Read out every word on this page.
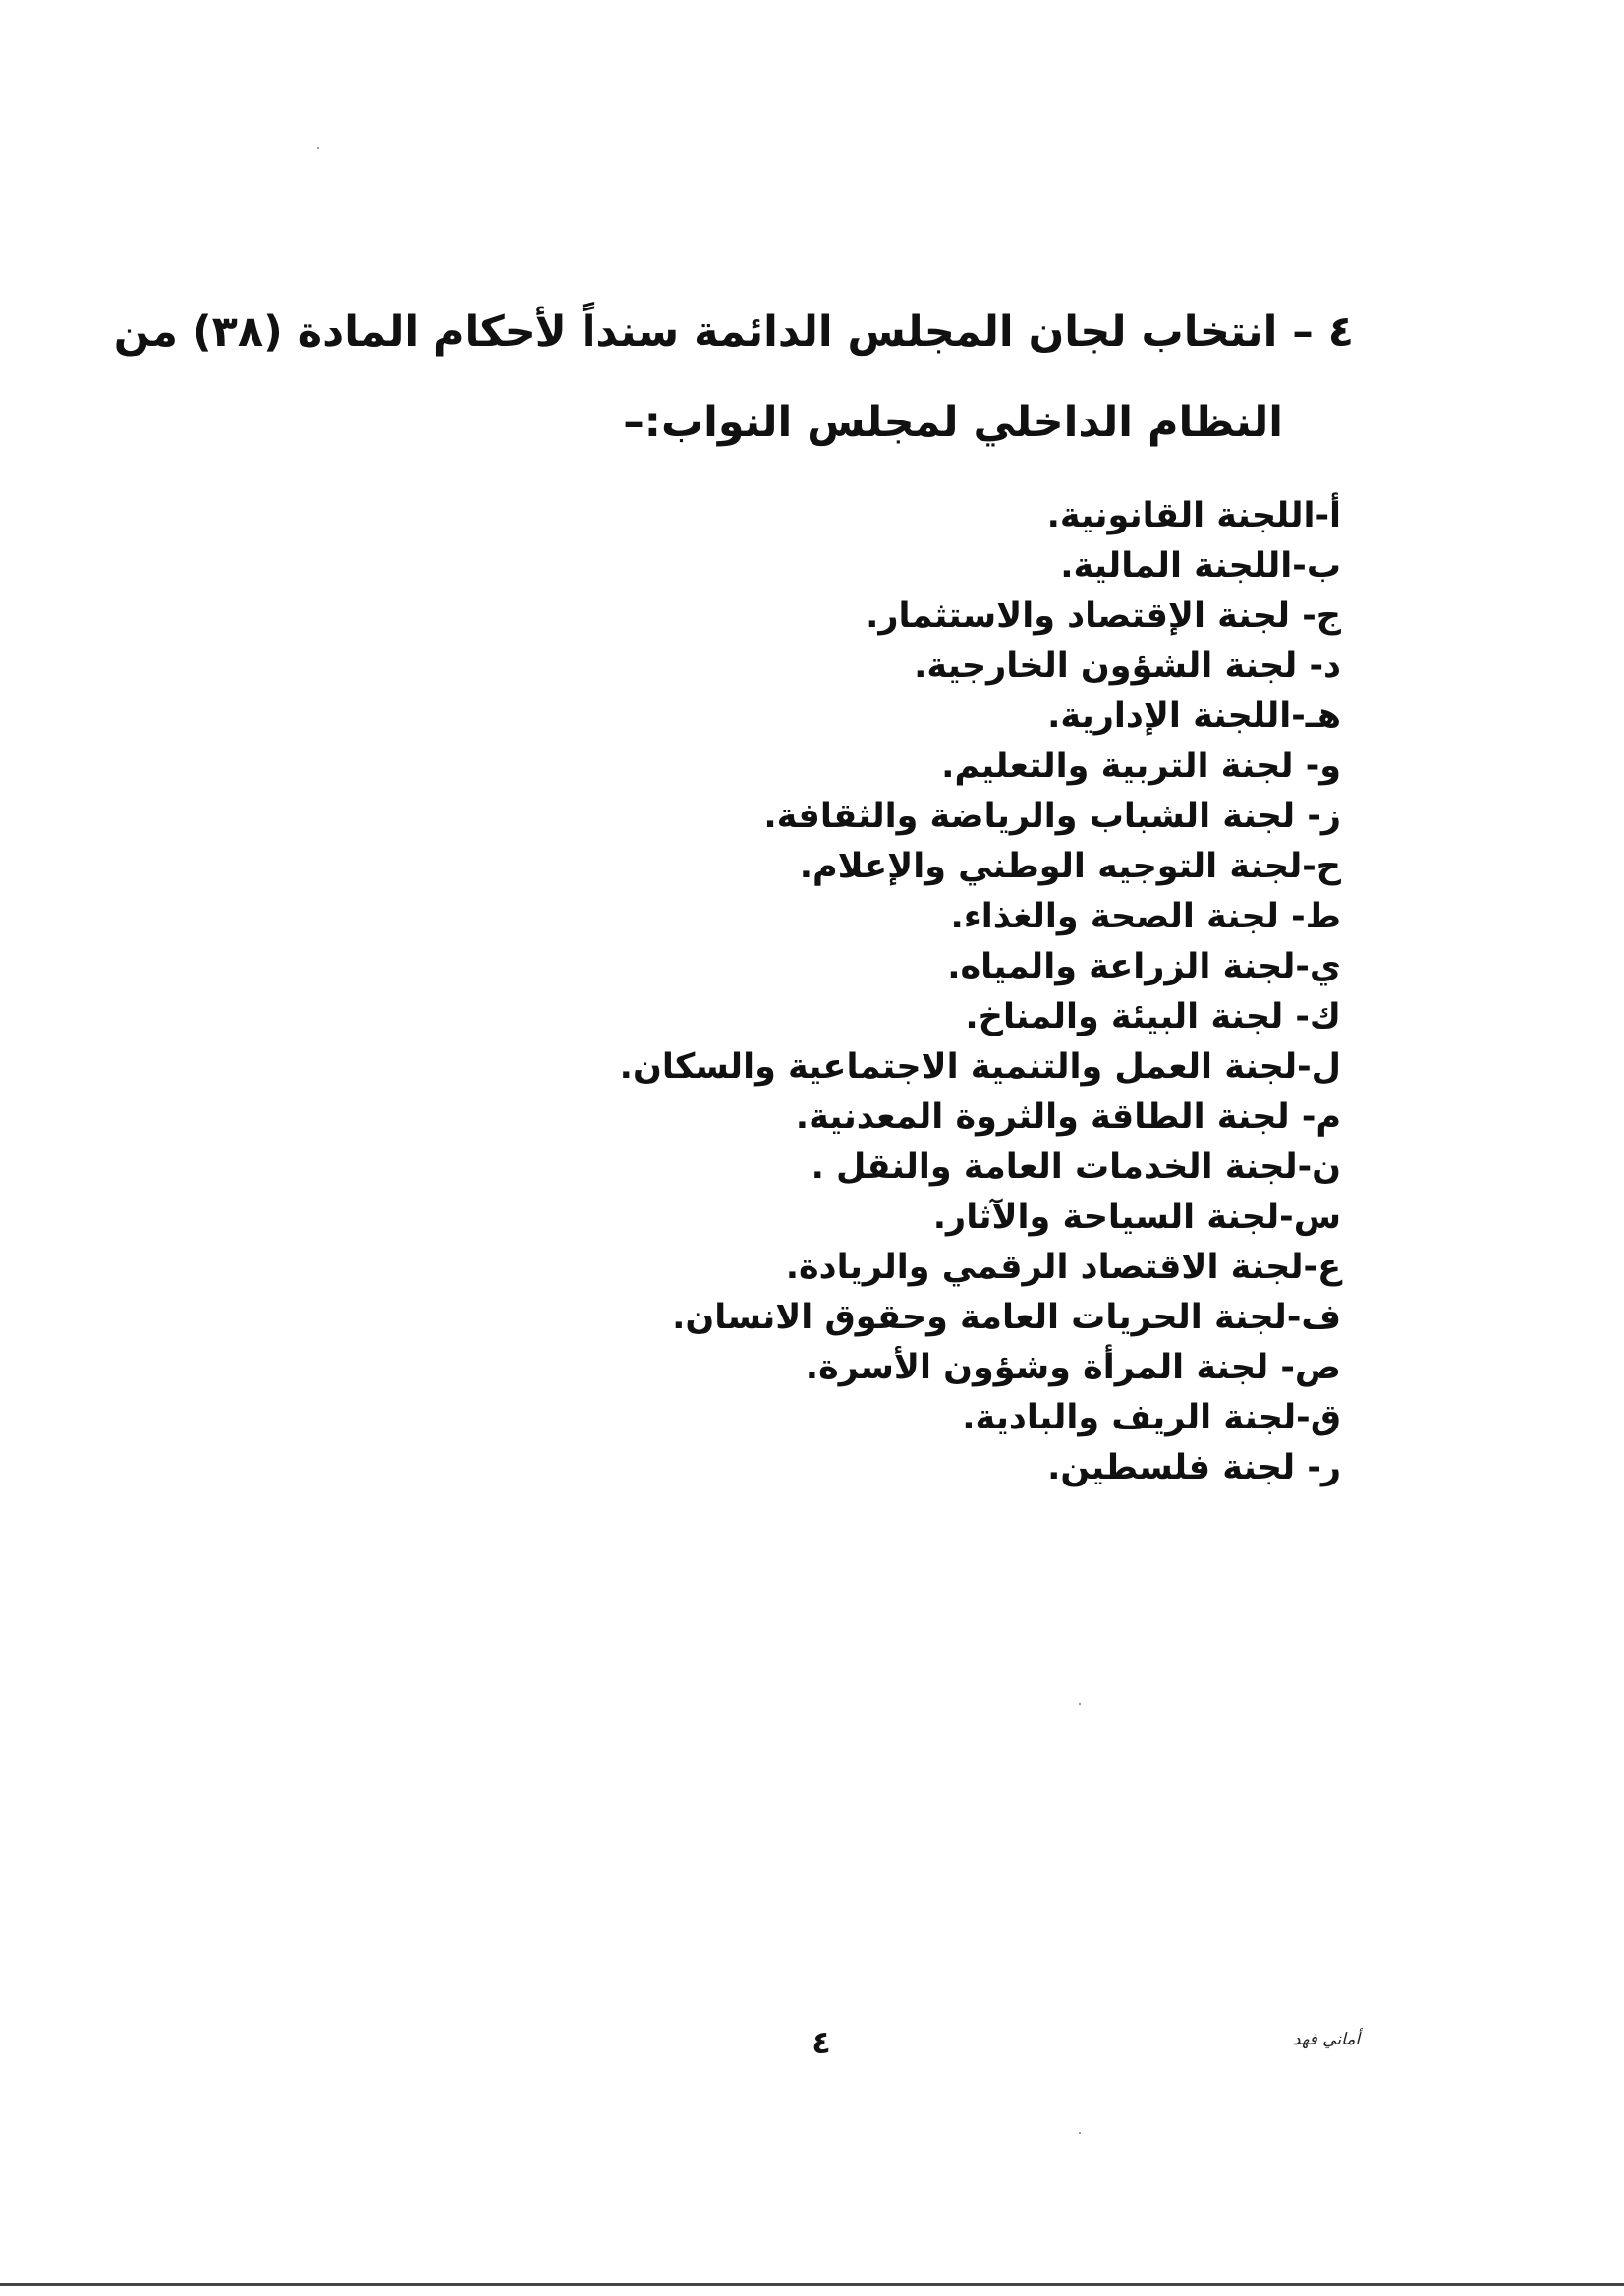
٤ – انتخاب لجان المجلس الدائمة سنداً لأحكام المادة (٣٨) من
النظام الداخلي لمجلس النواب:–
أ-اللجنة القانونية.
ب-اللجنة المالية.
ج- لجنة الإقتصاد والاستثمار.
د- لجنة الشؤون الخارجية.
هـ-اللجنة الإدارية.
و- لجنة التربية والتعليم.
ز- لجنة الشباب والرياضة والثقافة.
ح-لجنة التوجيه الوطني والإعلام.
ط- لجنة الصحة والغذاء.
ي-لجنة الزراعة والمياه.
ك- لجنة البيئة والمناخ.
ل-لجنة العمل والتنمية الاجتماعية والسكان.
م- لجنة الطاقة والثروة المعدنية.
ن-لجنة الخدمات العامة والنقل .
س-لجنة السياحة والآثار.
ع-لجنة الاقتصاد الرقمي والريادة.
ف-لجنة الحريات العامة وحقوق الانسان.
ص- لجنة المرأة وشؤون الأسرة.
ق-لجنة الريف والبادية.
ر- لجنة فلسطين.
٤	أماني فهد
